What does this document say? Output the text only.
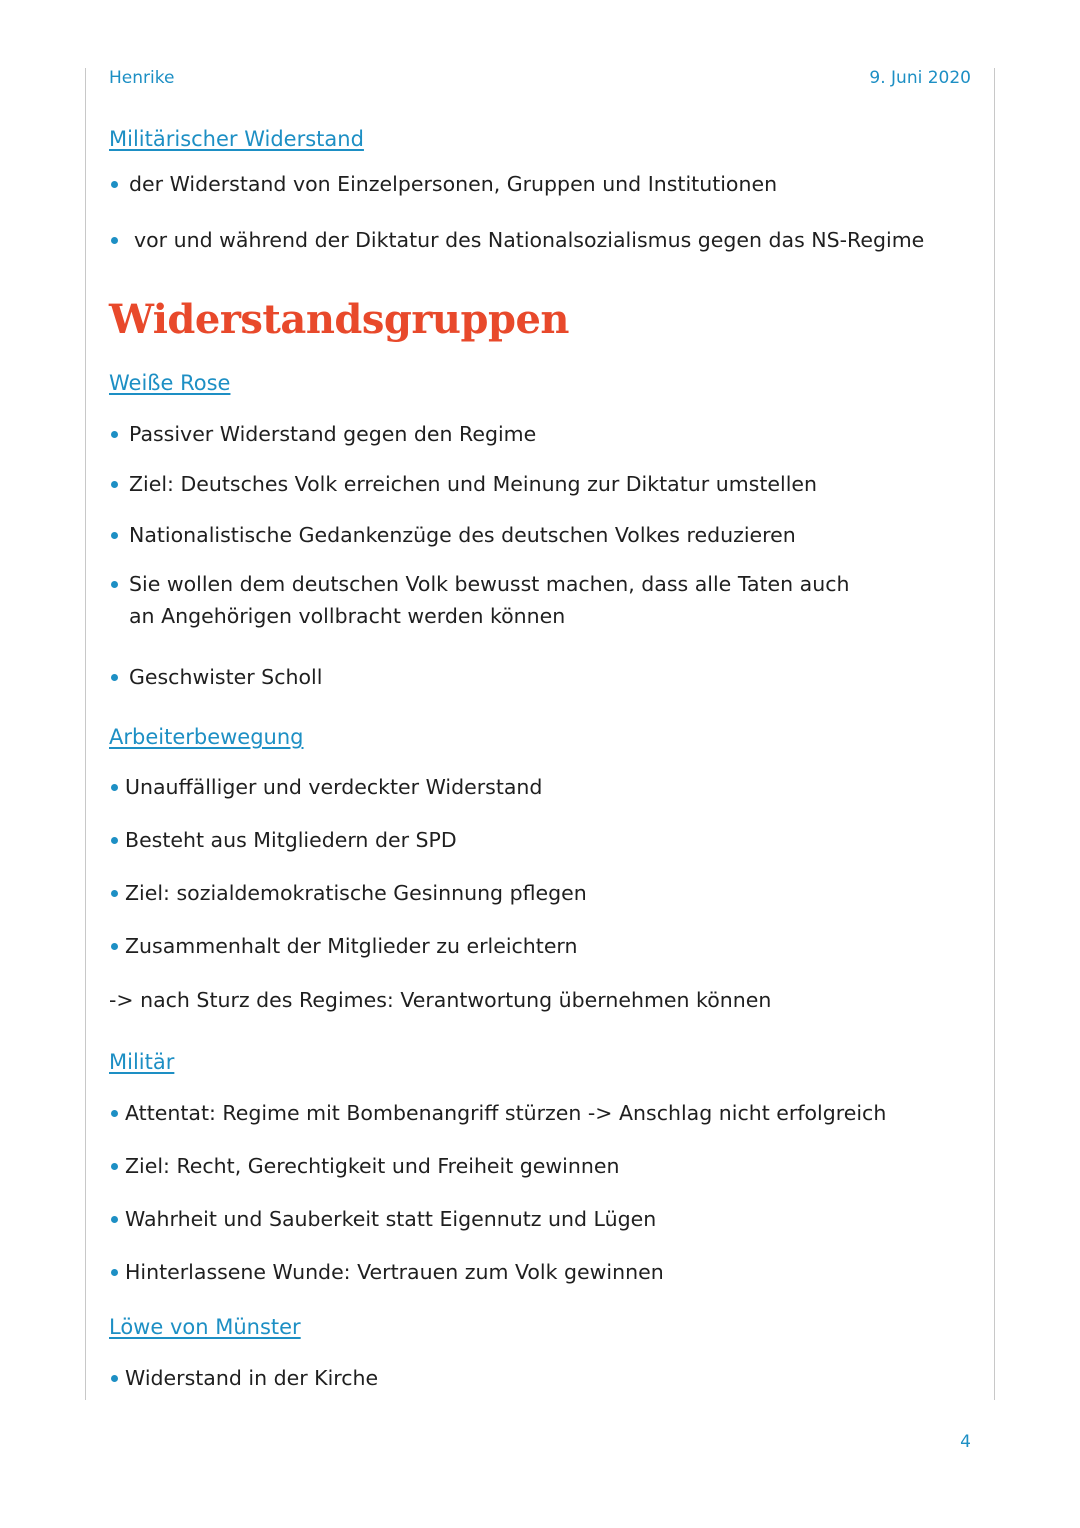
Henrike	9. Juni 2020
Militärischer Widerstand
der Widerstand von Einzelpersonen, Gruppen und Institutionen
vor und während der Diktatur des Nationalsozialismus gegen das NS-Regime
Widerstandsgruppen
Weiße Rose
Passiver Widerstand gegen den Regime
Ziel: Deutsches Volk erreichen und Meinung zur Diktatur umstellen
Nationalistische Gedankenzüge des deutschen Volkes reduzieren
Sie wollen dem deutschen Volk bewusst machen, dass alle Taten auch an Angehörigen vollbracht werden können
Geschwister Scholl
Arbeiterbewegung
Unauffälliger und verdeckter Widerstand
Besteht aus Mitgliedern der SPD
Ziel: sozialdemokratische Gesinnung pflegen
Zusammenhalt der Mitglieder zu erleichtern
-> nach Sturz des Regimes: Verantwortung übernehmen können
Militär
Attentat: Regime mit Bombenangriff stürzen -> Anschlag nicht erfolgreich
Ziel: Recht, Gerechtigkeit und Freiheit gewinnen
Wahrheit und Sauberkeit statt Eigennutz und Lügen
Hinterlassene Wunde: Vertrauen zum Volk gewinnen
Löwe von Münster
Widerstand in der Kirche
4
